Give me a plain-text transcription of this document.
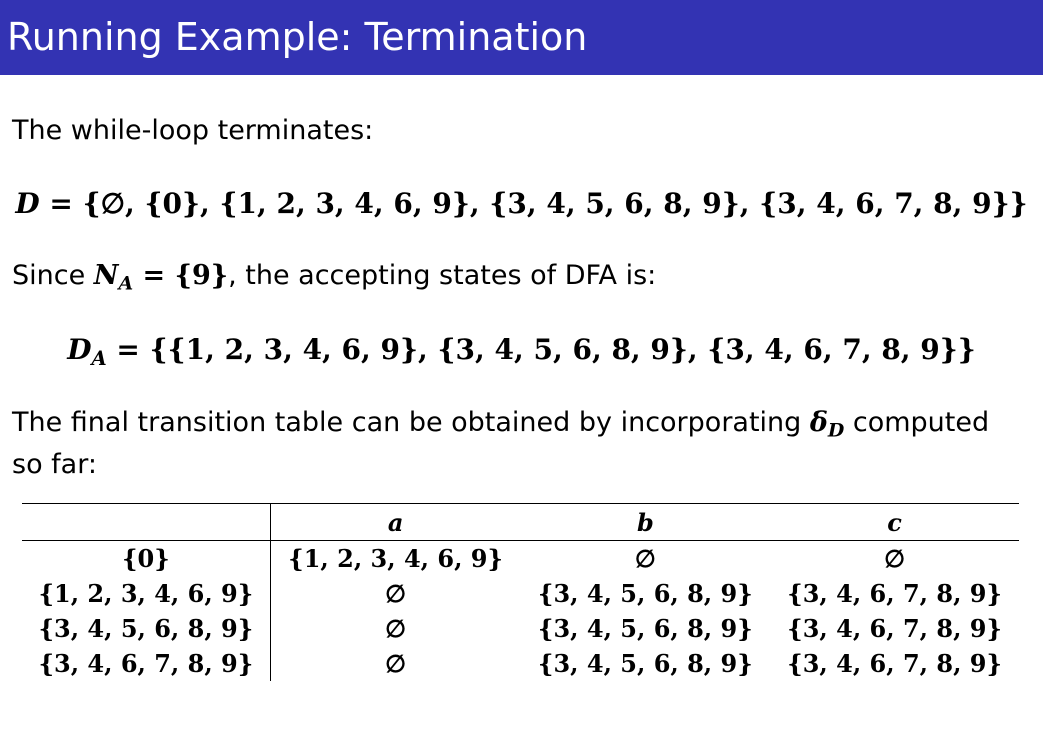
Running Example: Termination
The while-loop terminates:
D = {∅, {0}, {1, 2, 3, 4, 6, 9}, {3, 4, 5, 6, 8, 9}, {3, 4, 6, 7, 8, 9}}
Since $N_A = \{9\}$, the accepting states of DFA is:
$D_A = \{\{1$, 2, 3, 4, 6, 9}, {3, 4, 5, 6, 8, 9}, {3, 4, 6, 7, 8, 9}}
The final transition table can be obtained by incorporating $\delta_D$ computed
so far:
	a	b	c
{0}	{1, 2, 3, 4, 6, 9}	∅	∅
{1, 2, 3, 4, 6, 9}	∅	{3, 4, 5, 6, 8, 9}	{3, 4, 6, 7, 8, 9}
{3, 4, 5, 6, 8, 9}	∅	{3, 4, 5, 6, 8, 9}	{3, 4, 6, 7, 8, 9}
{3, 4, 6, 7, 8, 9}	∅	{3, 4, 5, 6, 8, 9}	{3, 4, 6, 7, 8, 9}
